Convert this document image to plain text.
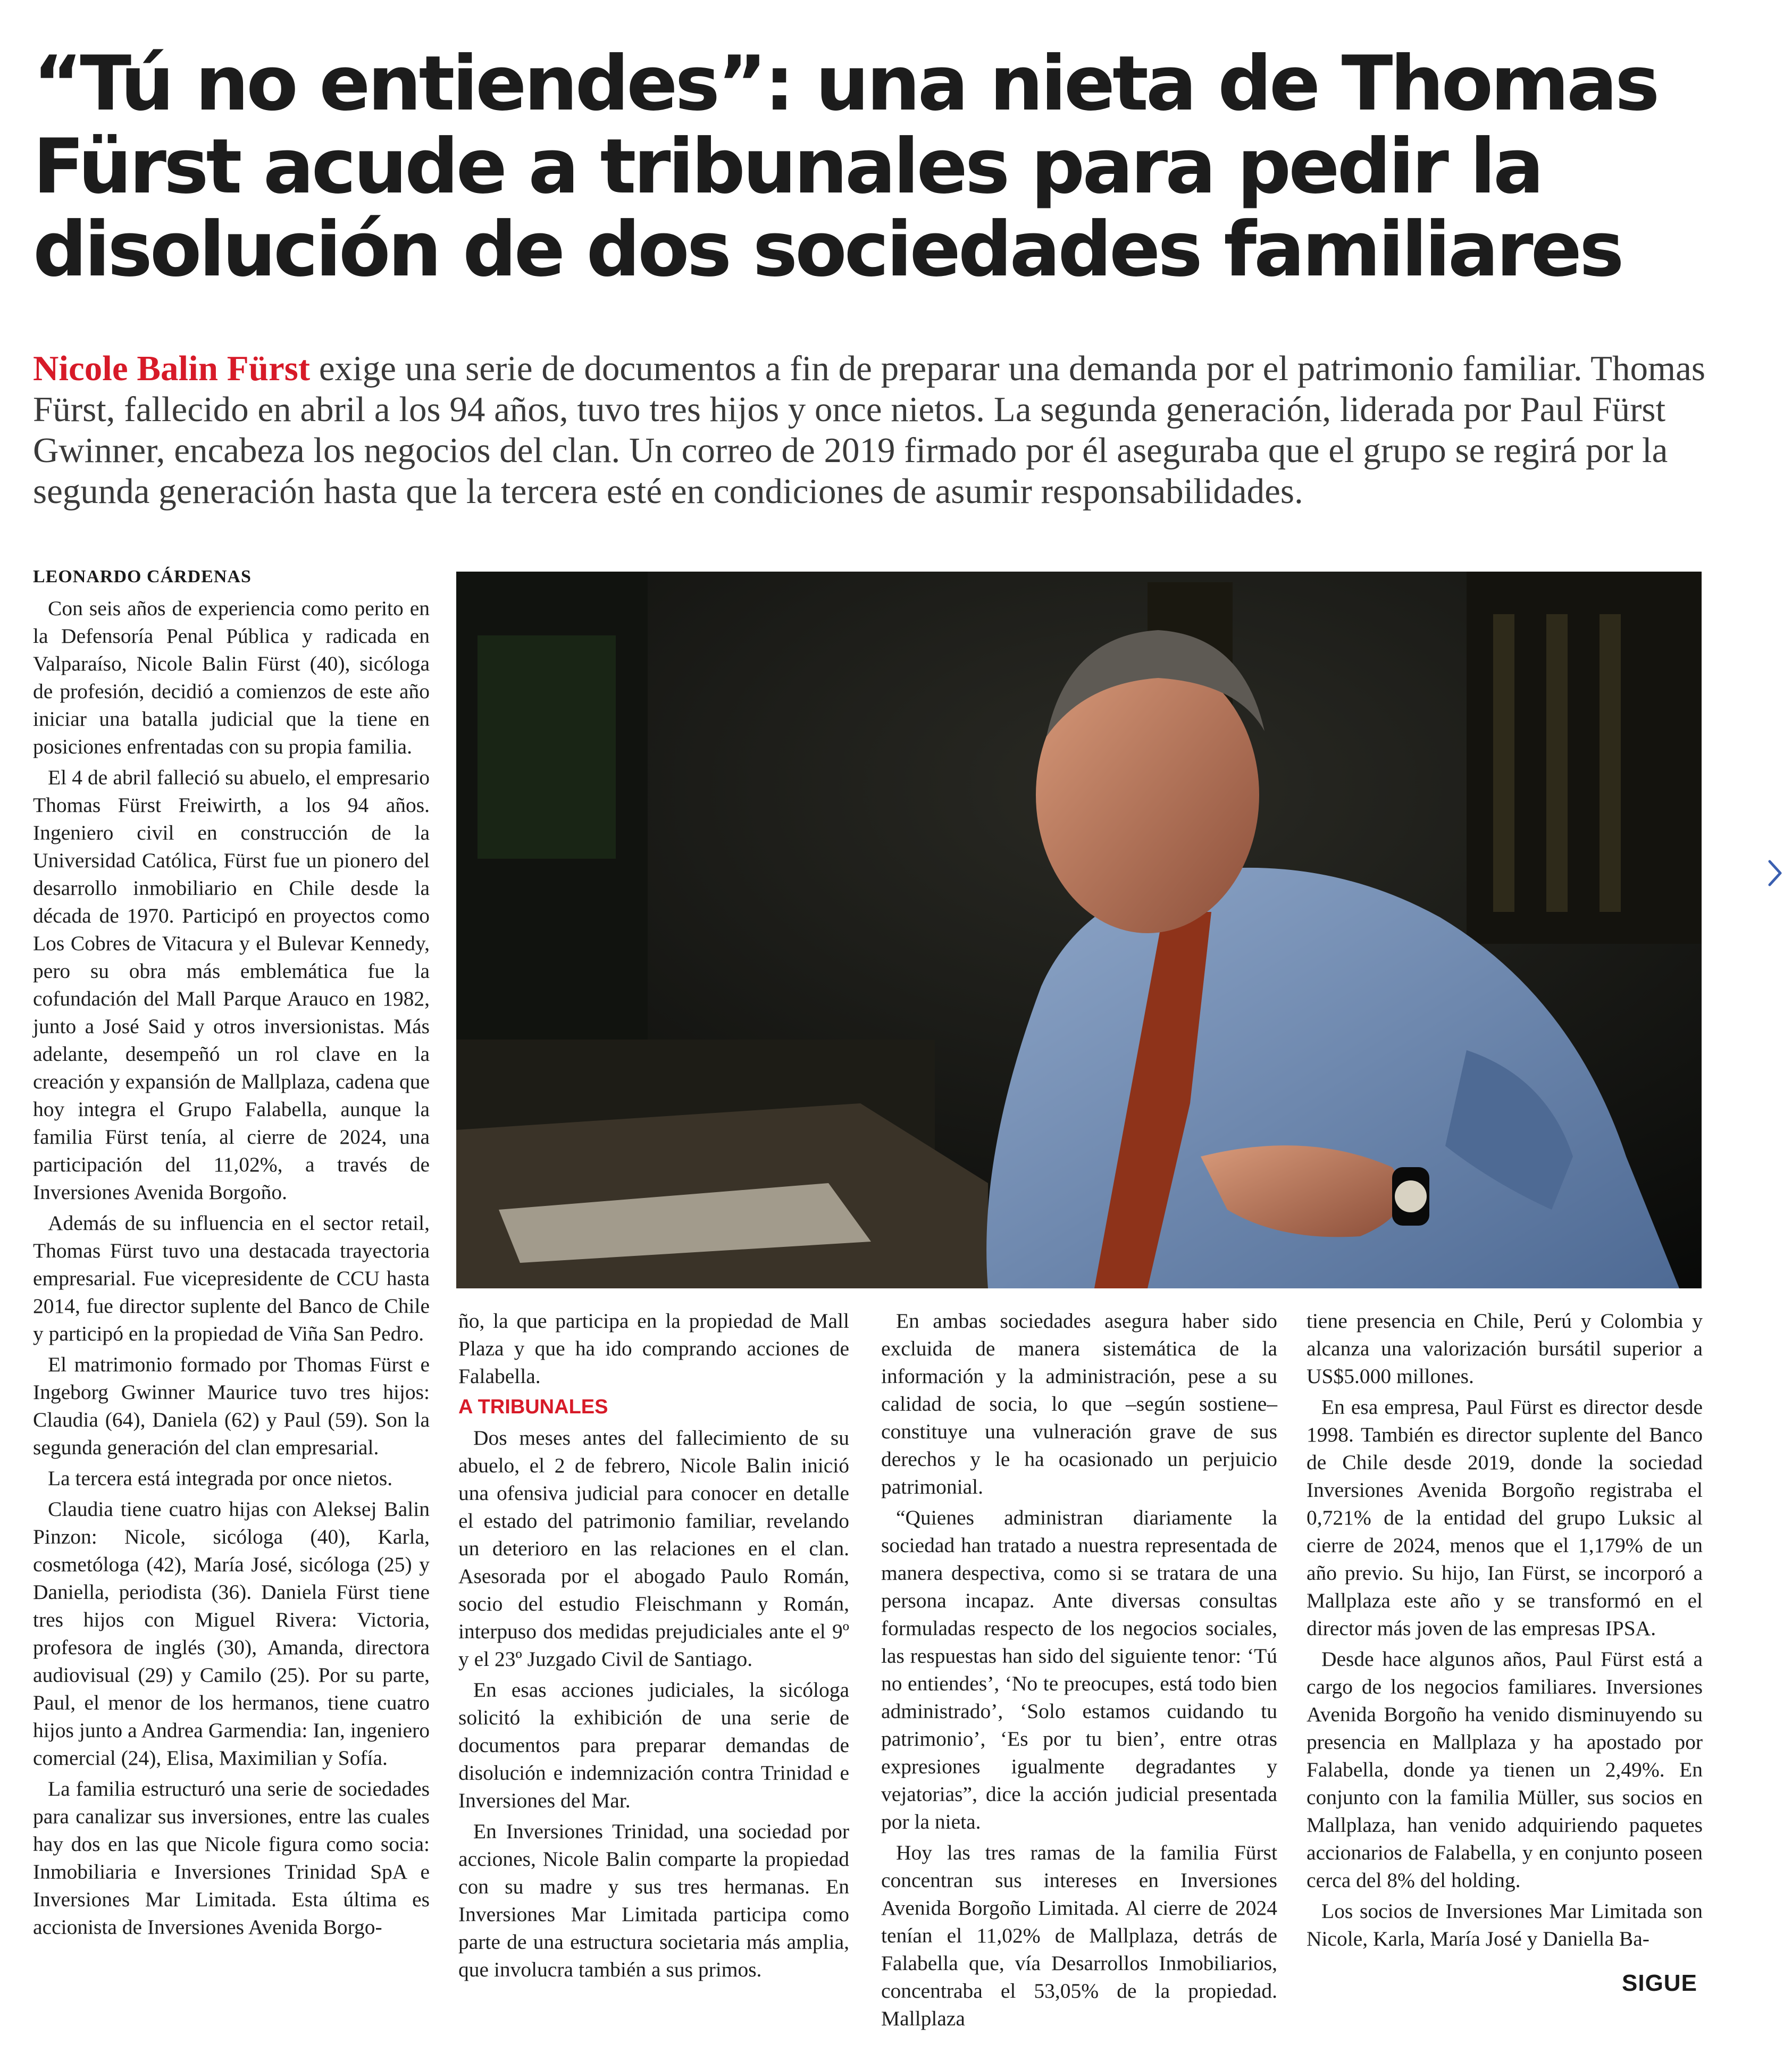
“Tú no entiendes”: una nieta de Thomas Fürst acude a tribunales para pedir la disolución de dos sociedades familiares

Nicole Balin Fürst exige una serie de documentos a fin de preparar una demanda por el patrimonio familiar. Thomas Fürst, fallecido en abril a los 94 años, tuvo tres hijos y once nietos. La segunda generación, liderada por Paul Fürst Gwinner, encabeza los negocios del clan. Un correo de 2019 firmado por él aseguraba que el grupo se regirá por la segunda generación hasta que la tercera esté en condiciones de asumir responsabilidades.

LEONARDO CÁRDENAS

Con seis años de experiencia como perito en la Defensoría Penal Pública y radicada en Valparaíso, Nicole Balin Fürst (40), sicóloga de profesión, decidió a comienzos de este año iniciar una batalla judicial que la tiene en posiciones enfrentadas con su propia familia.

El 4 de abril falleció su abuelo, el empresario Thomas Fürst Freiwirth, a los 94 años. Ingeniero civil en construcción de la Universidad Católica, Fürst fue un pionero del desarrollo inmobiliario en Chile desde la década de 1970. Participó en proyectos como Los Cobres de Vitacura y el Bulevar Kennedy, pero su obra más emblemática fue la cofundación del Mall Parque Arauco en 1982, junto a José Said y otros inversionistas. Más adelante, desempeñó un rol clave en la creación y expansión de Mallplaza, cadena que hoy integra el Grupo Falabella, aunque la familia Fürst tenía, al cierre de 2024, una participación del 11,02%, a través de Inversiones Avenida Borgoño.

Además de su influencia en el sector retail, Thomas Fürst tuvo una destacada trayectoria empresarial. Fue vicepresidente de CCU hasta 2014, fue director suplente del Banco de Chile y participó en la propiedad de Viña San Pedro.

El matrimonio formado por Thomas Fürst e Ingeborg Gwinner Maurice tuvo tres hijos: Claudia (64), Daniela (62) y Paul (59). Son la segunda generación del clan empresarial.

La tercera está integrada por once nietos.

Claudia tiene cuatro hijas con Aleksej Balin Pinzon: Nicole, sicóloga (40), Karla, cosmetóloga (42), María José, sicóloga (25) y Daniella, periodista (36). Daniela Fürst tiene tres hijos con Miguel Rivera: Victoria, profesora de inglés (30), Amanda, directora audiovisual (29) y Camilo (25). Por su parte, Paul, el menor de los hermanos, tiene cuatro hijos junto a Andrea Garmendia: Ian, ingeniero comercial (24), Elisa, Maximilian y Sofía.

La familia estructuró una serie de sociedades para canalizar sus inversiones, entre las cuales hay dos en las que Nicole figura como socia: Inmobiliaria e Inversiones Trinidad SpA e Inversiones Mar Limitada. Esta última es accionista de Inversiones Avenida Borgo-

ño, la que participa en la propiedad de Mall Plaza y que ha ido comprando acciones de Falabella.

A TRIBUNALES

Dos meses antes del fallecimiento de su abuelo, el 2 de febrero, Nicole Balin inició una ofensiva judicial para conocer en detalle el estado del patrimonio familiar, revelando un deterioro en las relaciones en el clan. Asesorada por el abogado Paulo Román, socio del estudio Fleischmann y Román, interpuso dos medidas prejudiciales ante el 9º y el 23º Juzgado Civil de Santiago.

En esas acciones judiciales, la sicóloga solicitó la exhibición de una serie de documentos para preparar demandas de disolución e indemnización contra Trinidad e Inversiones del Mar.

En Inversiones Trinidad, una sociedad por acciones, Nicole Balin comparte la propiedad con su madre y sus tres hermanas. En Inversiones Mar Limitada participa como parte de una estructura societaria más amplia, que involucra también a sus primos.

En ambas sociedades asegura haber sido excluida de manera sistemática de la información y la administración, pese a su calidad de socia, lo que –según sostiene– constituye una vulneración grave de sus derechos y le ha ocasionado un perjuicio patrimonial.

“Quienes administran diariamente la sociedad han tratado a nuestra representada de manera despectiva, como si se tratara de una persona incapaz. Ante diversas consultas formuladas respecto de los negocios sociales, las respuestas han sido del siguiente tenor: ‘Tú no entiendes’, ‘No te preocupes, está todo bien administrado’, ‘Solo estamos cuidando tu patrimonio’, ‘Es por tu bien’, entre otras expresiones igualmente degradantes y vejatorias”, dice la acción judicial presentada por la nieta.

Hoy las tres ramas de la familia Fürst concentran sus intereses en Inversiones Avenida Borgoño Limitada. Al cierre de 2024 tenían el 11,02% de Mallplaza, detrás de Falabella que, vía Desarrollos Inmobiliarios, concentraba el 53,05% de la propiedad. Mallplaza

tiene presencia en Chile, Perú y Colombia y alcanza una valorización bursátil superior a US$5.000 millones.

En esa empresa, Paul Fürst es director desde 1998. También es director suplente del Banco de Chile desde 2019, donde la sociedad Inversiones Avenida Borgoño registraba el 0,721% de la entidad del grupo Luksic al cierre de 2024, menos que el 1,179% de un año previo. Su hijo, Ian Fürst, se incorporó a Mallplaza este año y se transformó en el director más joven de las empresas IPSA.

Desde hace algunos años, Paul Fürst está a cargo de los negocios familiares. Inversiones Avenida Borgoño ha venido disminuyendo su presencia en Mallplaza y ha apostado por Falabella, donde ya tienen un 2,49%. En conjunto con la familia Müller, sus socios en Mallplaza, han venido adquiriendo paquetes accionarios de Falabella, y en conjunto poseen cerca del 8% del holding.

Los socios de Inversiones Mar Limitada son Nicole, Karla, María José y Daniella Ba-

SIGUE
